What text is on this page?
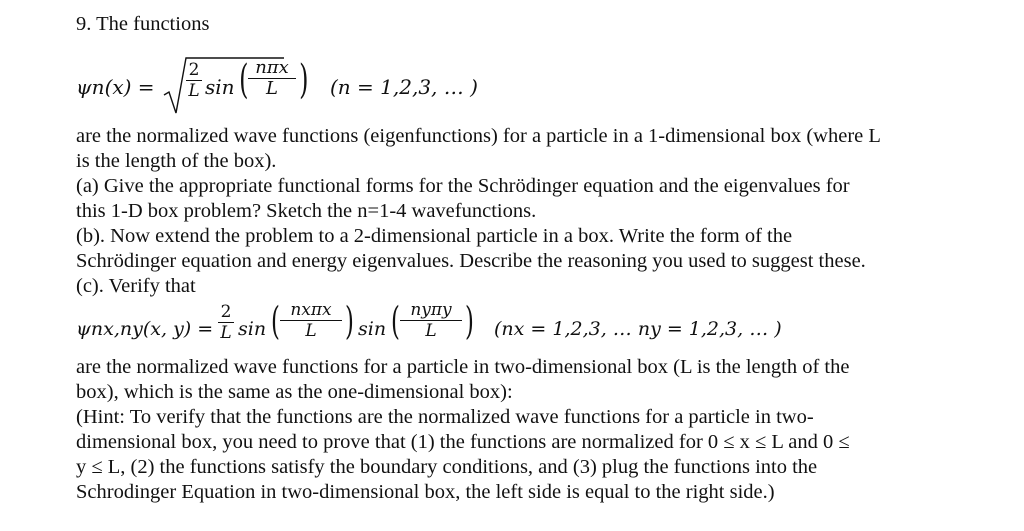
9. The functions
ψn(x) =
2
L sin ( nπx
L ) (n = 1,2,3, … )
are the normalized wave functions (eigenfunctions) for a particle in a 1-dimensional box (where L
is the length of the box).
(a) Give the appropriate functional forms for the Schrödinger equation and the eigenvalues for
this 1-D box problem? Sketch the n=1-4 wavefunctions.
(b). Now extend the problem to a 2-dimensional particle in a box. Write the form of the
Schrödinger equation and energy eigenvalues. Describe the reasoning you used to suggest these.
(c). Verify that
ψnx,ny(x, y) =
2
L sin ( nxπx
L ) sin ( nyπy
L ) (nx = 1,2,3, … ny = 1,2,3, … )
are the normalized wave functions for a particle in two-dimensional box (L is the length of the
box), which is the same as the one-dimensional box):
(Hint: To verify that the functions are the normalized wave functions for a particle in two-
dimensional box, you need to prove that (1) the functions are normalized for 0 ≤ x ≤ L and 0 ≤
y ≤ L, (2) the functions satisfy the boundary conditions, and (3) plug the functions into the
Schrodinger Equation in two-dimensional box, the left side is equal to the right side.)
